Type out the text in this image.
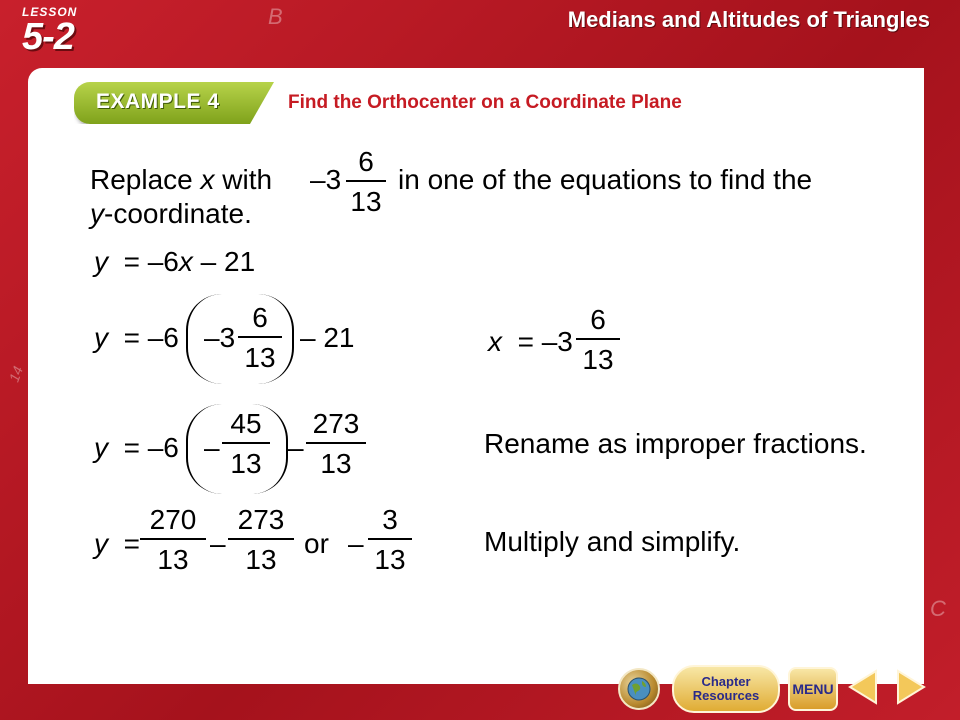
B
C
14
LESSON
5-2	Medians and Altitudes of Triangles
EXAMPLE 4	Find the Orthocenter on a Coordinate Plane
Replace x with –3
6
13
in one of the equations to find the
y-coordinate.
y = –6x – 21
y = –6 –3
6
13
– 21	x = –3
6
13
y = –6 –
45
13
–
273
13
Rename as improper fractions.
y =
270
13
–
273
13
or –
3
13
Multiply and simplify.
Chapter
Resources MENU
